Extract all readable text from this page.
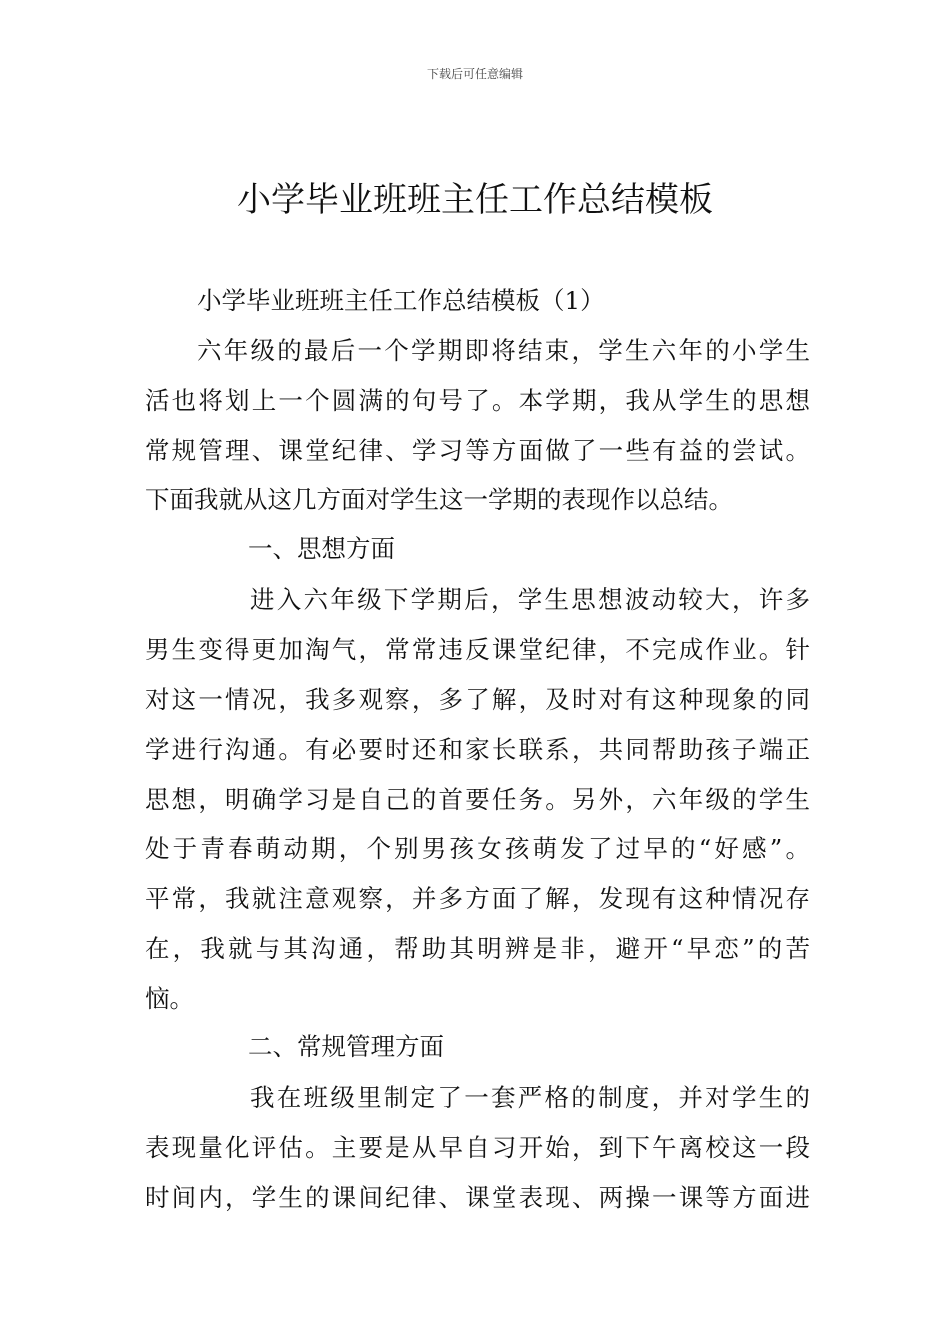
下载后可任意编辑
小学毕业班班主任工作总结模板
小学毕业班班主任工作总结模板（1）
六年级的最后一个学期即将结束，学生六年的小学生
活也将划上一个圆满的句号了。本学期，我从学生的思想
常规管理、课堂纪律、学习等方面做了一些有益的尝试。
下面我就从这几方面对学生这一学期的表现作以总结。
一、思想方面
进入六年级下学期后，学生思想波动较大，许多
男生变得更加淘气，常常违反课堂纪律，不完成作业。针
对这一情况，我多观察，多了解，及时对有这种现象的同
学进行沟通。有必要时还和家长联系，共同帮助孩子端正
思想，明确学习是自己的首要任务。另外，六年级的学生
处于青春萌动期，个别男孩女孩萌发了过早的“好感”。
平常，我就注意观察，并多方面了解，发现有这种情况存
在，我就与其沟通，帮助其明辨是非，避开“早恋”的苦
恼。
二、常规管理方面
我在班级里制定了一套严格的制度，并对学生的
表现量化评估。主要是从早自习开始，到下午离校这一段
时间内，学生的课间纪律、课堂表现、两操一课等方面进
